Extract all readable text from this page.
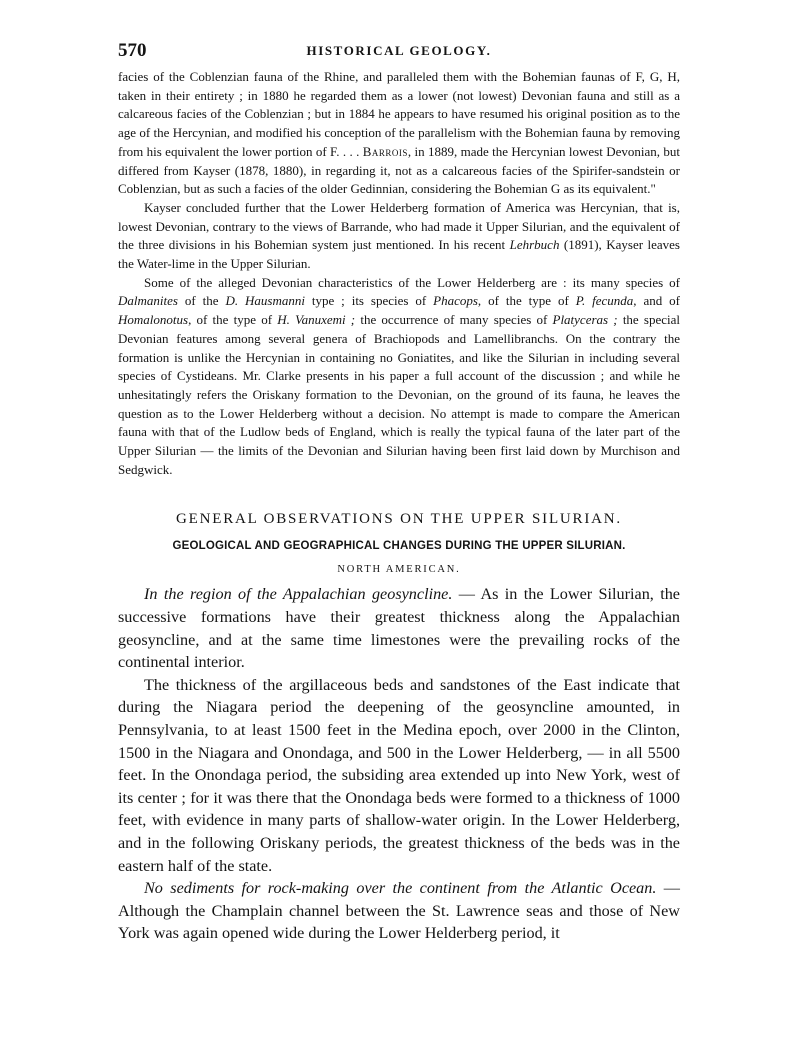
570	HISTORICAL GEOLOGY.

facies of the Coblenzian fauna of the Rhine, and paralleled them with the Bohemian faunas of F, G, H, taken in their entirety ; in 1880 he regarded them as a lower (not lowest) Devonian fauna and still as a calcareous facies of the Coblenzian ; but in 1884 he appears to have resumed his original position as to the age of the Hercynian, and modified his conception of the parallelism with the Bohemian fauna by removing from his equivalent the lower portion of F. . . . Barrois, in 1889, made the Hercynian lowest Devonian, but differed from Kayser (1878, 1880), in regarding it, not as a calcareous facies of the Spirifer-sandstein or Coblenzian, but as such a facies of the older Gedinnian, considering the Bohemian G as its equivalent."

Kayser concluded further that the Lower Helderberg formation of America was Hercynian, that is, lowest Devonian, contrary to the views of Barrande, who had made it Upper Silurian, and the equivalent of the three divisions in his Bohemian system just mentioned. In his recent Lehrbuch (1891), Kayser leaves the Water-lime in the Upper Silurian.

Some of the alleged Devonian characteristics of the Lower Helderberg are : its many species of Dalmanites of the D. Hausmanni type ; its species of Phacops, of the type of P. fecunda, and of Homalonotus, of the type of H. Vanuxemi ; the occurrence of many species of Platyceras ; the special Devonian features among several genera of Brachiopods and Lamellibranchs. On the contrary the formation is unlike the Hercynian in containing no Goniatites, and like the Silurian in including several species of Cystideans. Mr. Clarke presents in his paper a full account of the discussion ; and while he unhesitatingly refers the Oriskany formation to the Devonian, on the ground of its fauna, he leaves the question as to the Lower Helderberg without a decision. No attempt is made to compare the American fauna with that of the Ludlow beds of England, which is really the typical fauna of the later part of the Upper Silurian — the limits of the Devonian and Silurian having been first laid down by Murchison and Sedgwick.

GENERAL OBSERVATIONS ON THE UPPER SILURIAN.
GEOLOGICAL AND GEOGRAPHICAL CHANGES DURING THE UPPER SILURIAN.
NORTH AMERICAN.

In the region of the Appalachian geosyncline. — As in the Lower Silurian, the successive formations have their greatest thickness along the Appalachian geosyncline, and at the same time limestones were the prevailing rocks of the continental interior.

The thickness of the argillaceous beds and sandstones of the East indicate that during the Niagara period the deepening of the geosyncline amounted, in Pennsylvania, to at least 1500 feet in the Medina epoch, over 2000 in the Clinton, 1500 in the Niagara and Onondaga, and 500 in the Lower Helderberg, — in all 5500 feet. In the Onondaga period, the subsiding area extended up into New York, west of its center ; for it was there that the Onondaga beds were formed to a thickness of 1000 feet, with evidence in many parts of shallow-water origin. In the Lower Helderberg, and in the following Oriskany periods, the greatest thickness of the beds was in the eastern half of the state.

No sediments for rock-making over the continent from the Atlantic Ocean. — Although the Champlain channel between the St. Lawrence seas and those of New York was again opened wide during the Lower Helderberg period, it
